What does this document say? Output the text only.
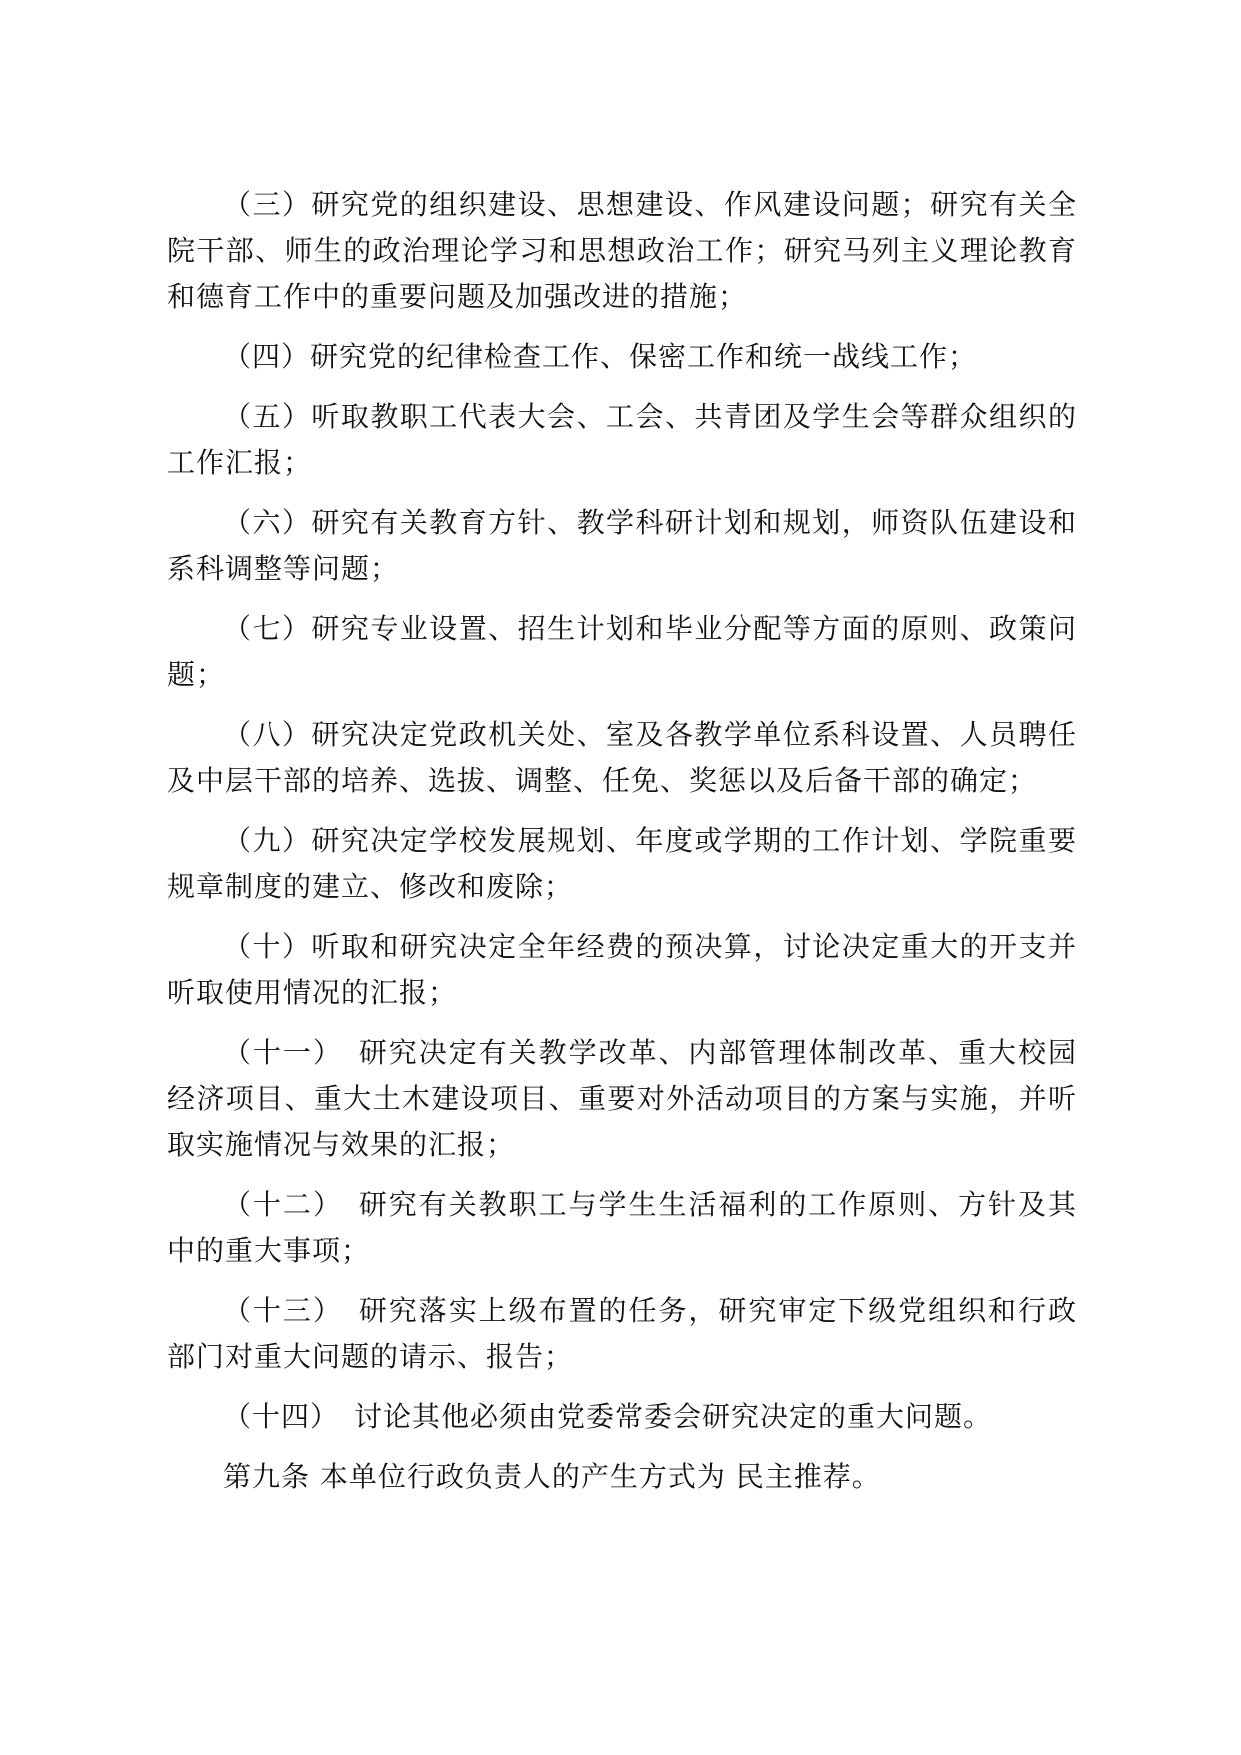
（三）研究党的组织建设、思想建设、作风建设问题；研究有关全院干部、师生的政治理论学习和思想政治工作；研究马列主义理论教育和德育工作中的重要问题及加强改进的措施；

（四）研究党的纪律检查工作、保密工作和统一战线工作；

（五）听取教职工代表大会、工会、共青团及学生会等群众组织的工作汇报；

（六）研究有关教育方针、教学科研计划和规划，师资队伍建设和系科调整等问题；

（七）研究专业设置、招生计划和毕业分配等方面的原则、政策问题；

（八）研究决定党政机关处、室及各教学单位系科设置、人员聘任及中层干部的培养、选拔、调整、任免、奖惩以及后备干部的确定；

（九）研究决定学校发展规划、年度或学期的工作计划、学院重要规章制度的建立、修改和废除；

（十）听取和研究决定全年经费的预决算，讨论决定重大的开支并听取使用情况的汇报；

（十一）　研究决定有关教学改革、内部管理体制改革、重大校园经济项目、重大土木建设项目、重要对外活动项目的方案与实施，并听取实施情况与效果的汇报；

（十二）　研究有关教职工与学生生活福利的工作原则、方针及其中的重大事项；

（十三）　研究落实上级布置的任务，研究审定下级党组织和行政部门对重大问题的请示、报告；

（十四）　讨论其他必须由党委常委会研究决定的重大问题。

第九条 本单位行政负责人的产生方式为 民主推荐。
